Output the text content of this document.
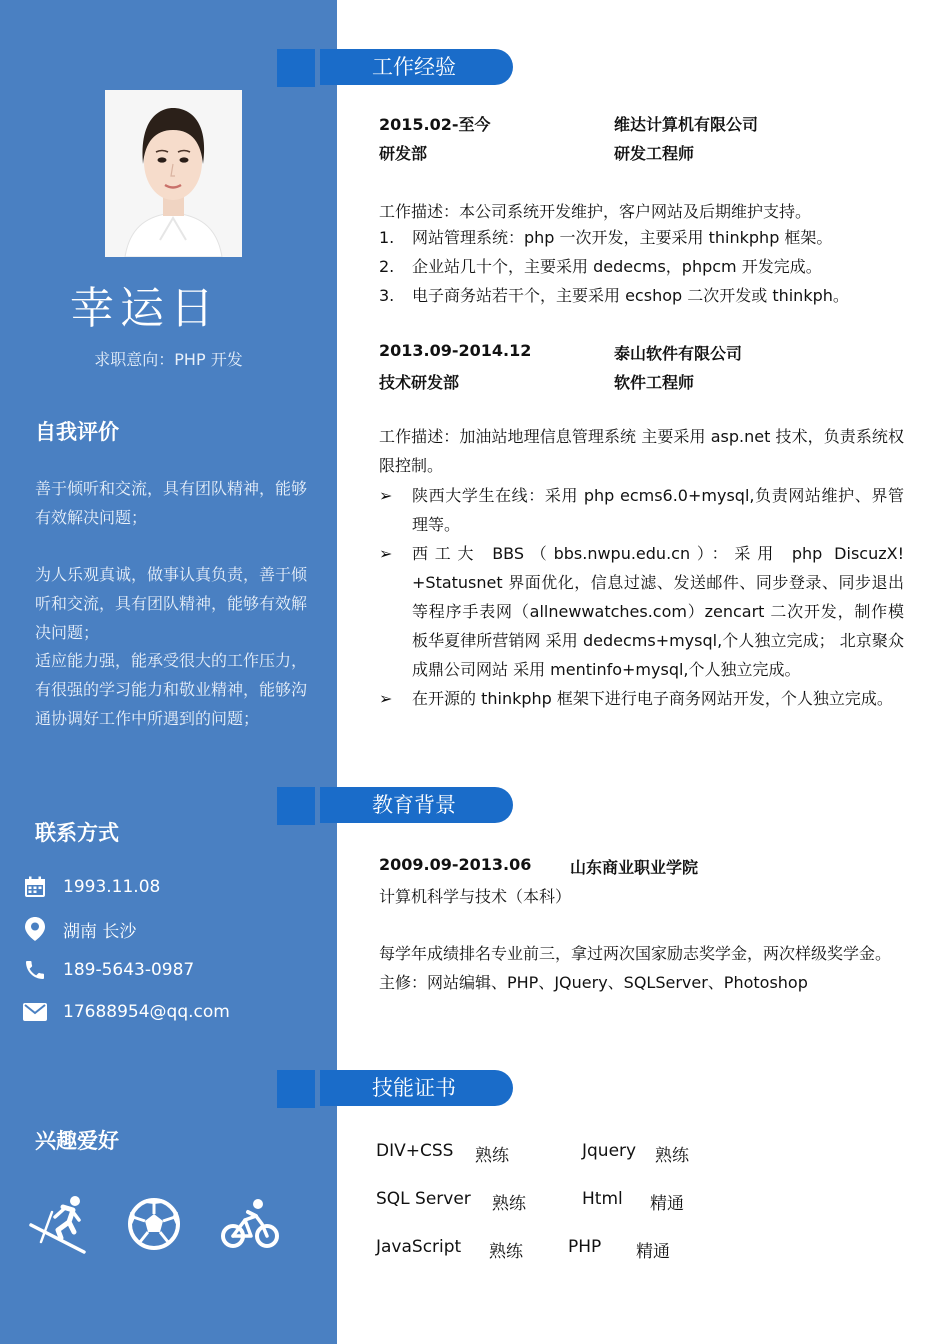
幸运日
求职意向：PHP 开发
自我评价
善于倾听和交流，具有团队精神，能够有效解决问题；
为人乐观真诚，做事认真负责，善于倾听和交流，具有团队精神，能够有效解决问题；
适应能力强，能承受很大的工作压力，有很强的学习能力和敬业精神，能够沟通协调好工作中所遇到的问题；
联系方式
1993.11.08
湖南 长沙
189-5643-0987
17688954@qq.com
兴趣爱好
工作经验
2015.02-至今	维达计算机有限公司
研发部	研发工程师
工作描述：本公司系统开发维护，客户网站及后期维护支持。
1.	网站管理系统：php 一次开发，主要采用 thinkphp 框架。
2.	企业站几十个，主要采用 dedecms，phpcm 开发完成。
3.	电子商务站若干个，主要采用 ecshop 二次开发或 thinkph。
2013.09-2014.12	泰山软件有限公司
技术研发部	软件工程师
工作描述：加油站地理信息管理系统 主要采用 asp.net 技术，负责系统权限控制。
➢	陕西大学生在线：采用 php ecms6.0+mysql,负责网站维护、界管理等。
➢	西工大 BBS（bbs.nwpu.edu.cn）：采用 php DiscuzX! +Statusnet 界面优化，信息过滤、发送邮件、同步登录、同步退出等程序手表网（allnewwatches.com）zencart 二次开发，制作模板华夏律所营销网 采用 dedecms+mysql,个人独立完成； 北京聚众成鼎公司网站 采用 mentinfo+mysql,个人独立完成。
➢	在开源的 thinkphp 框架下进行电子商务网站开发，个人独立完成。
教育背景
2009.09-2013.06 山东商业职业学院
计算机科学与技术（本科）
每学年成绩排名专业前三，拿过两次国家励志奖学金，两次样级奖学金。
主修：网站编辑、PHP、JQuery、SQLServer、Photoshop
技能证书
DIV+CSS 熟练	Jquery 熟练
SQL Server 熟练	Html 精通
JavaScript 熟练	PHP 精通
